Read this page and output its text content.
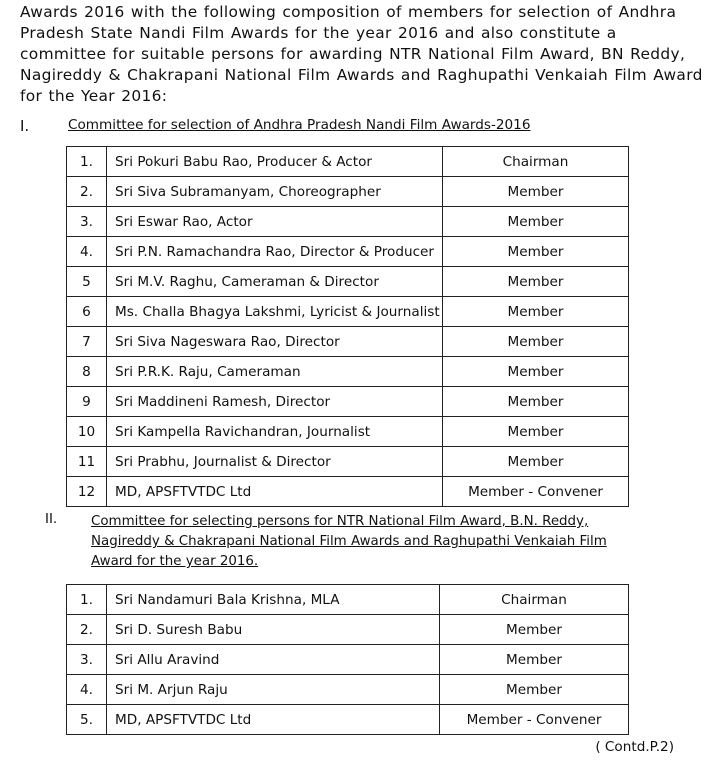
Awards 2016 with the following composition of members for selection of Andhra Pradesh State Nandi Film Awards for the year 2016 and also constitute a committee for suitable persons for awarding NTR National Film Award, BN Reddy, Nagireddy & Chakrapani National Film Awards and Raghupathi Venkaiah Film Award for the Year 2016:
I.	Committee for selection of Andhra Pradesh Nandi Film Awards-2016
1.	Sri Pokuri Babu Rao, Producer & Actor	Chairman
2.	Sri Siva Subramanyam, Choreographer	Member
3.	Sri Eswar Rao, Actor	Member
4.	Sri P.N. Ramachandra Rao, Director & Producer	Member
5	Sri M.V. Raghu, Cameraman & Director	Member
6	Ms. Challa Bhagya Lakshmi, Lyricist & Journalist	Member
7	Sri Siva Nageswara Rao, Director	Member
8	Sri P.R.K. Raju, Cameraman	Member
9	Sri Maddineni Ramesh, Director	Member
10	Sri Kampella Ravichandran, Journalist	Member
11	Sri Prabhu, Journalist & Director	Member
12	MD, APSFTVTDC Ltd	Member - Convener
II.	Committee for selecting persons for NTR National Film Award, B.N. Reddy, Nagireddy & Chakrapani National Film Awards and Raghupathi Venkaiah Film Award for the year 2016.
1.	Sri Nandamuri Bala Krishna, MLA	Chairman
2.	Sri D. Suresh Babu	Member
3.	Sri Allu Aravind	Member
4.	Sri M. Arjun Raju	Member
5.	MD, APSFTVTDC Ltd	Member - Convener
( Contd.P.2)
